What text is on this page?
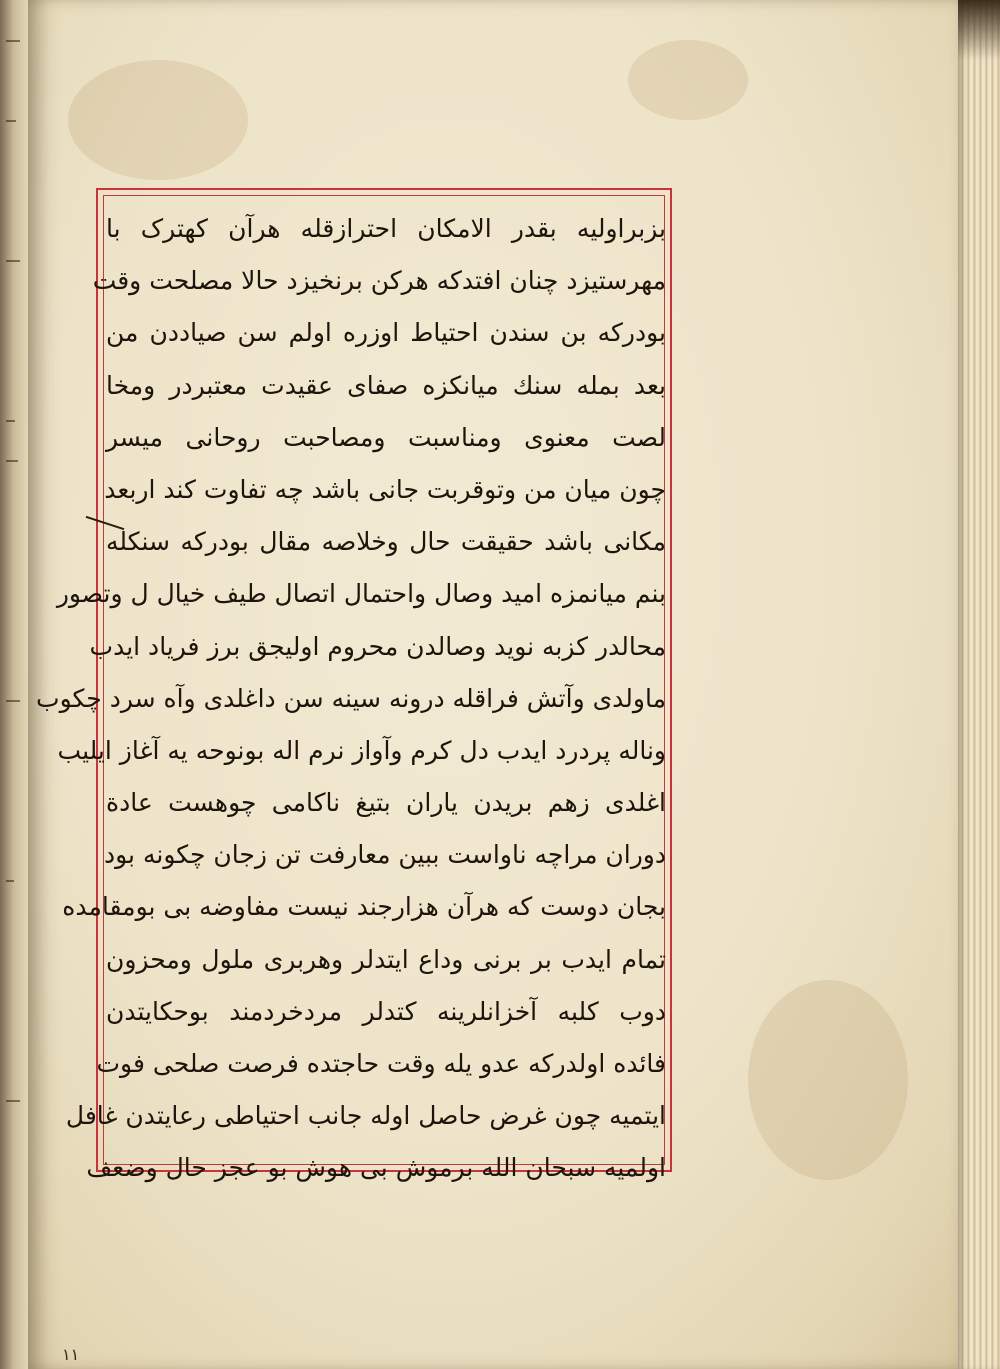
بزبراولیه بقدر الامکان احترازقله هرآن کهترک با
مهرستیزد چنان افتدکه هرکن برنخیزد حالا مصلحت وقت
بودرکه بن سندن احتیاط اوزره اولم سن صیاددن من
بعد بمله سنك میانکزه صفای عقیدت معتبردر ومخا
لصت معنوی ومناسبت ومصاحبت روحانی میسر
چون میان من وتوقربت جانی باشد چه تفاوت کند اربعد
مکانی باشد حقیقت حال وخلاصه مقال بودرکه سنکله
بنم میانمزه امید وصال واحتمال اتصال طیف خیال ل وتصور
محالدر کزبه نوید وصالدن محروم اولیجق برز فریاد ایدب
ماولدی وآتش فراقله درونه سینه سن داغلدی وآه سرد چکوب
وناله پردرد ایدب دل کرم وآواز نرم اله بونوحه یه آغاز ایلیب
اغلدی زهم بریدن یاران بتیغ ناکامی چوهست عادة
دوران مراچه ناواست ببین معارفت تن زجان چکونه بود
بجان دوست که هرآن هزارجند نیست مفاوضه بی بومقامده
تمام ایدب بر برنی وداع ایتدلر وهربری ملول ومحزون
دوب کلبه آخزانلرینه کتدلر مردخردمند بوحکایتدن
فائده اولدرکه عدو یله وقت حاجتده فرصت صلحی فوت
ایتمیه چون غرض حاصل اوله جانب احتیاطی رعایتدن غافل
اولمیه سبحان الله برموش بی هوش بو عجز حال وضعف
١١
